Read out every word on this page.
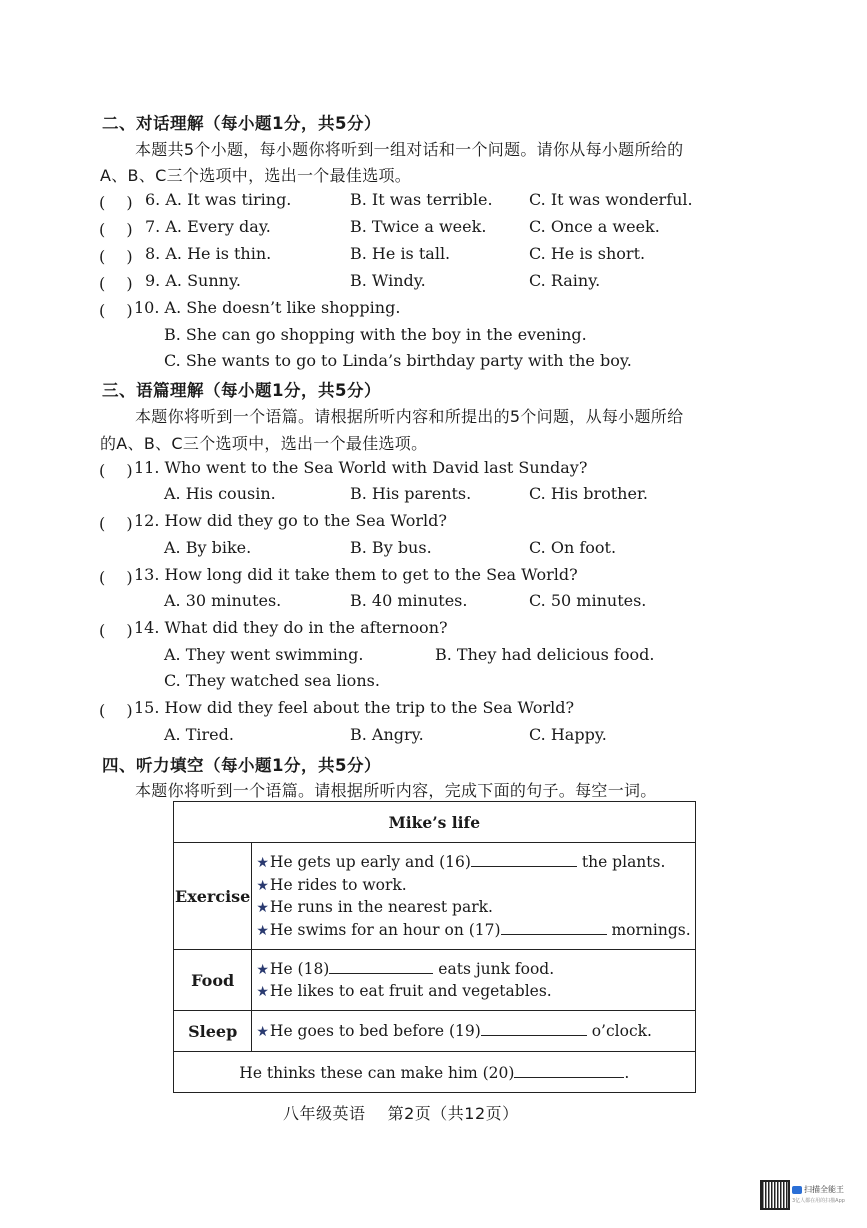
二、对话理解（每小题1分，共5分）
本题共5个小题，每小题你将听到一组对话和一个问题。请你从每小题所给的
A、B、C三个选项中，选出一个最佳选项。
(　 ) 6. A. It was tiring.	B. It was terrible. C. It was wonderful.
(　 ) 7. A. Every day.	B. Twice a week.	C. Once a week.
(　 ) 8. A. He is thin.	B. He is tall.	C. He is short.
(　 ) 9. A. Sunny.	B. Windy.	C. Rainy.
(　 ) 10. A. She doesn’t like shopping.
B. She can go shopping with the boy in the evening.
C. She wants to go to Linda’s birthday party with the boy.
三、语篇理解（每小题1分，共5分）
本题你将听到一个语篇。请根据所听内容和所提出的5个问题，从每小题所给
的A、B、C三个选项中，选出一个最佳选项。
(　 ) 11. Who went to the Sea World with David last Sunday?
A. His cousin.	B. His parents.	C. His brother.
(　 ) 12. How did they go to the Sea World?
A. By bike.	B. By bus.	C. On foot.
(　 ) 13. How long did it take them to get to the Sea World?
A. 30 minutes.	B. 40 minutes.	C. 50 minutes.
(　 ) 14. What did they do in the afternoon?
A. They went swimming.	B. They had delicious food.
C. They watched sea lions.
(　 ) 15. How did they feel about the trip to the Sea World?
A. Tired.	B. Angry.	C. Happy.
四、听力填空（每小题1分，共5分）
本题你将听到一个语篇。请根据所听内容，完成下面的句子。每空一词。
Mike’s life	
Exercise	★He gets up early and (16) the plants.
★He rides to work.
★He runs in the nearest park.
★He swims for an hour on (17) mornings.

Food	★He (18) eats junk food.
★He likes to eat fruit and vegetables.

Sleep	★He goes to bed before (19) o’clock.

He thinks these can make him (20) .	
八年级英语　 第2页（共12页）
扫描全能王
3亿人都在用的扫描App
